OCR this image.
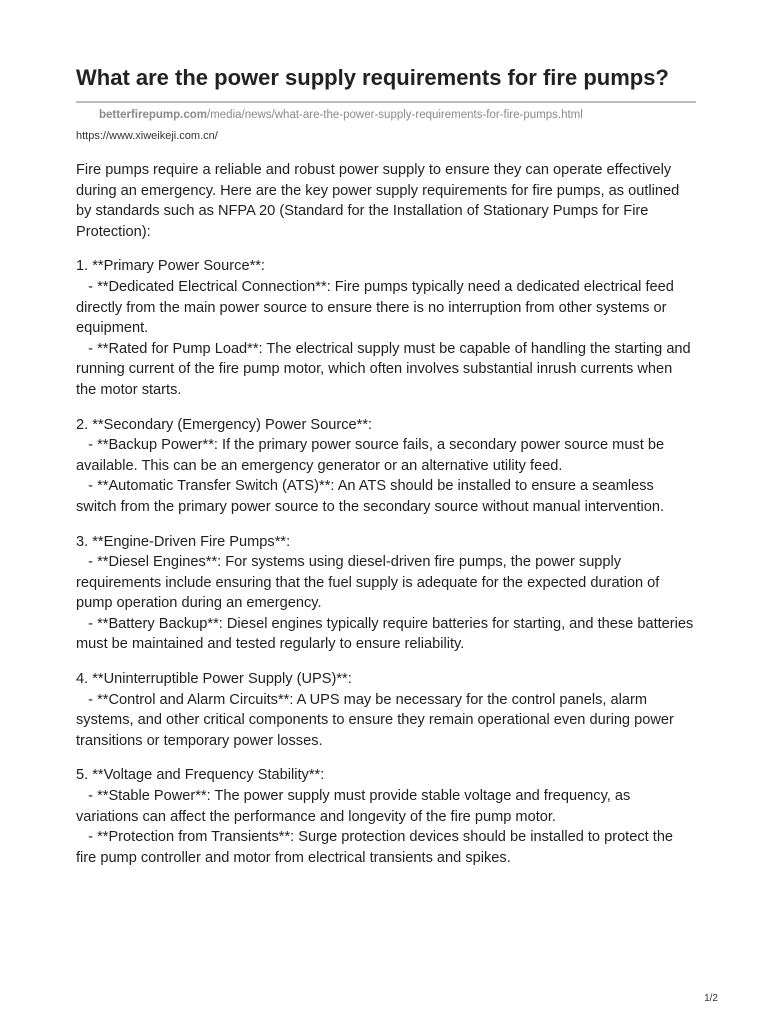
What are the power supply requirements for fire pumps?
betterfirepump.com/media/news/what-are-the-power-supply-requirements-for-fire-pumps.html
https://www.xiweikeji.com.cn/

Fire pumps require a reliable and robust power supply to ensure they can operate effectively during an emergency. Here are the key power supply requirements for fire pumps, as outlined by standards such as NFPA 20 (Standard for the Installation of Stationary Pumps for Fire Protection):

1. **Primary Power Source**:

- **Dedicated Electrical Connection**: Fire pumps typically need a dedicated electrical feed directly from the main power source to ensure there is no interruption from other systems or equipment.

- **Rated for Pump Load**: The electrical supply must be capable of handling the starting and running current of the fire pump motor, which often involves substantial inrush currents when the motor starts.

2. **Secondary (Emergency) Power Source**:

- **Backup Power**: If the primary power source fails, a secondary power source must be available. This can be an emergency generator or an alternative utility feed.

- **Automatic Transfer Switch (ATS)**: An ATS should be installed to ensure a seamless switch from the primary power source to the secondary source without manual intervention.

3. **Engine-Driven Fire Pumps**:

- **Diesel Engines**: For systems using diesel-driven fire pumps, the power supply requirements include ensuring that the fuel supply is adequate for the expected duration of pump operation during an emergency.

- **Battery Backup**: Diesel engines typically require batteries for starting, and these batteries must be maintained and tested regularly to ensure reliability.

4. **Uninterruptible Power Supply (UPS)**:

- **Control and Alarm Circuits**: A UPS may be necessary for the control panels, alarm systems, and other critical components to ensure they remain operational even during power transitions or temporary power losses.

5. **Voltage and Frequency Stability**:

- **Stable Power**: The power supply must provide stable voltage and frequency, as variations can affect the performance and longevity of the fire pump motor.

- **Protection from Transients**: Surge protection devices should be installed to protect the fire pump controller and motor from electrical transients and spikes.

1/2
